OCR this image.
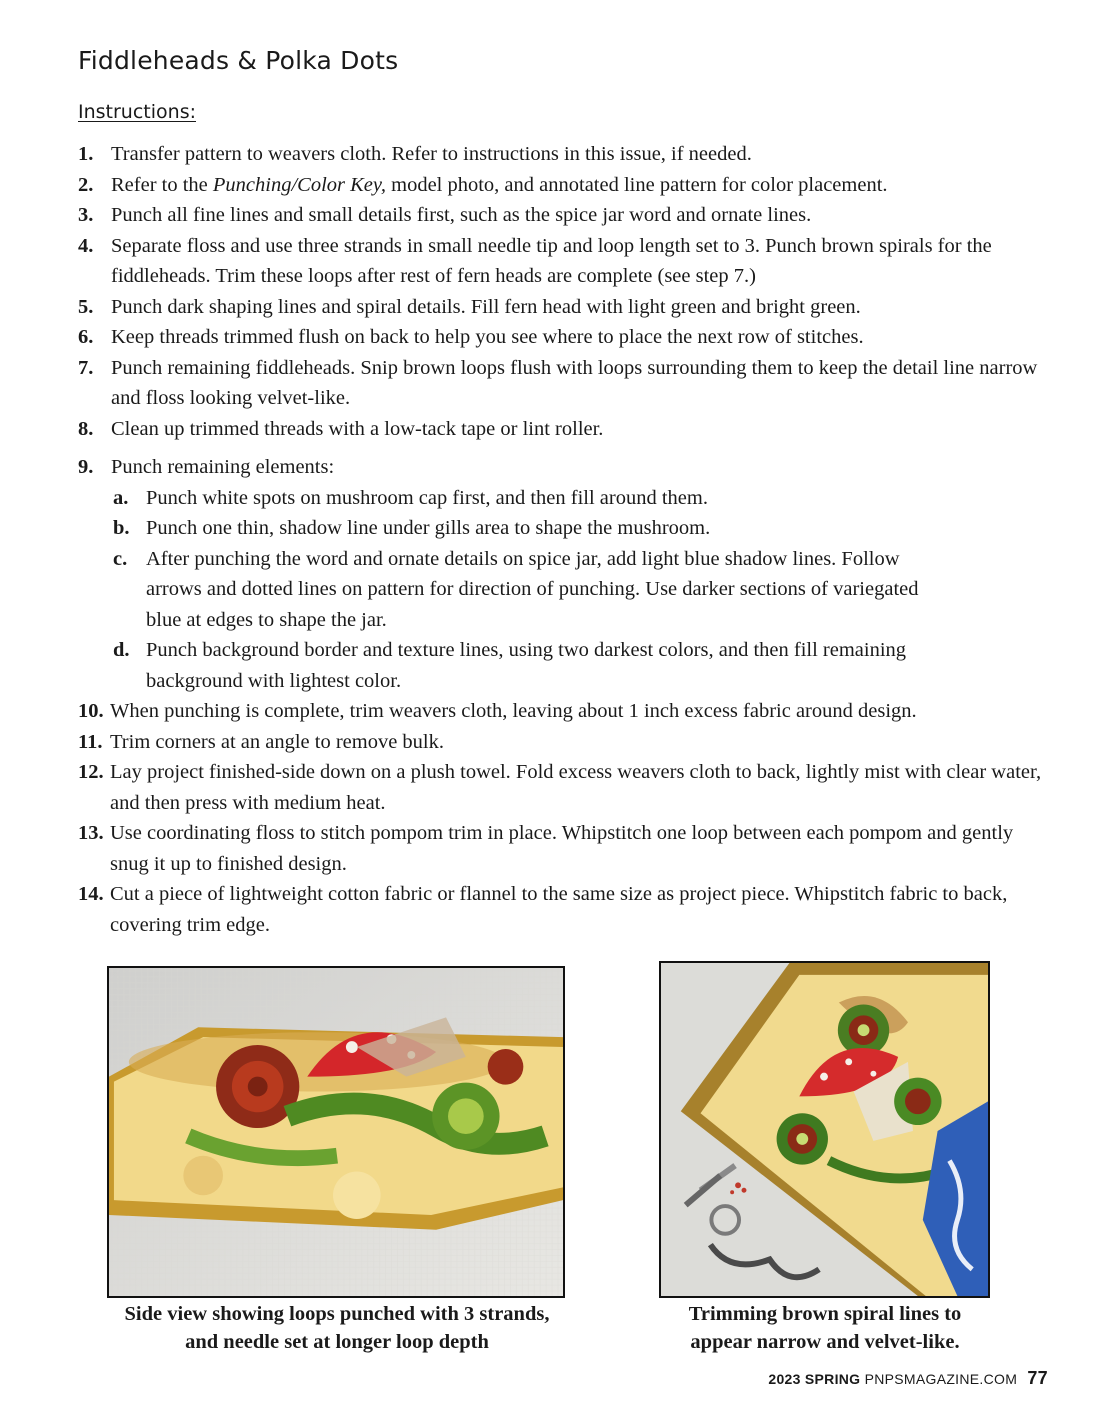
Fiddleheads & Polka Dots
Instructions:
1. Transfer pattern to weavers cloth. Refer to instructions in this issue, if needed.
2. Refer to the Punching/Color Key, model photo, and annotated line pattern for color placement.
3. Punch all fine lines and small details first, such as the spice jar word and ornate lines.
4. Separate floss and use three strands in small needle tip and loop length set to 3. Punch brown spirals for the fiddleheads. Trim these loops after rest of fern heads are complete (see step 7.)
5. Punch dark shaping lines and spiral details. Fill fern head with light green and bright green.
6. Keep threads trimmed flush on back to help you see where to place the next row of stitches.
7. Punch remaining fiddleheads. Snip brown loops flush with loops surrounding them to keep the detail line narrow and floss looking velvet-like.
8. Clean up trimmed threads with a low-tack tape or lint roller.
9. Punch remaining elements:
a. Punch white spots on mushroom cap first, and then fill around them.
b. Punch one thin, shadow line under gills area to shape the mushroom.
c. After punching the word and ornate details on spice jar, add light blue shadow lines. Follow arrows and dotted lines on pattern for direction of punching. Use darker sections of variegated blue at edges to shape the jar.
d. Punch background border and texture lines, using two darkest colors, and then fill remaining background with lightest color.
10. When punching is complete, trim weavers cloth, leaving about 1 inch excess fabric around design.
11. Trim corners at an angle to remove bulk.
12. Lay project finished-side down on a plush towel. Fold excess weavers cloth to back, lightly mist with clear water, and then press with medium heat.
13. Use coordinating floss to stitch pompom trim in place. Whipstitch one loop between each pompom and gently snug it up to finished design.
14. Cut a piece of lightweight cotton fabric or flannel to the same size as project piece. Whipstitch fabric to back, covering trim edge.
Side view showing loops punched with 3 strands,
and needle set at longer loop depth
Trimming brown spiral lines to
appear narrow and velvet-like.
2023 SPRING PNPSMAGAZINE.COM 77
